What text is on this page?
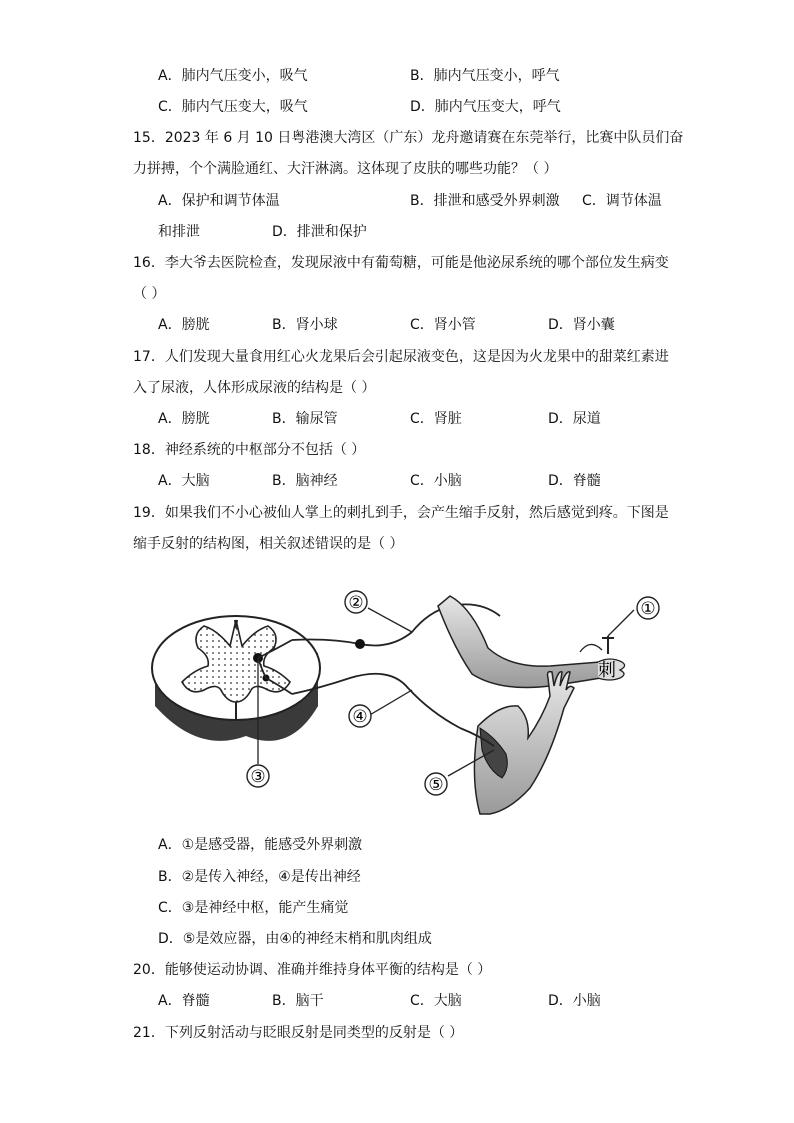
A．肺内气压变小，吸气	B．肺内气压变小，呼气
C．肺内气压变大，吸气	D．肺内气压变大，呼气
15．2023 年 6 月 10 日粤港澳大湾区（广东）龙舟邀请赛在东莞举行，比赛中队员们奋
力拼搏，个个满脸通红、大汗淋漓。这体现了皮肤的哪些功能？（ ）
A．保护和调节体温	B．排泄和感受外界刺激 C．调节体温
和排泄	D．排泄和保护
16．李大爷去医院检查，发现尿液中有葡萄糖，可能是他泌尿系统的哪个部位发生病变
（ ）
A．膀胱	B．肾小球	C．肾小管	D．肾小囊
17．人们发现大量食用红心火龙果后会引起尿液变色，这是因为火龙果中的甜菜红素进
入了尿液，人体形成尿液的结构是（ ）
A．膀胱	B．输尿管	C．肾脏	D．尿道
18．神经系统的中枢部分不包括（ ）
A．大脑	B．脑神经	C．小脑	D．脊髓
19．如果我们不小心被仙人掌上的刺扎到手，会产生缩手反射，然后感觉到疼。下图是
缩手反射的结构图，相关叙述错误的是（ ）
刺
②	①
④
③	⑤
A．①是感受器，能感受外界刺激
B．②是传入神经，④是传出神经
C．③是神经中枢，能产生痛觉
D．⑤是效应器，由④的神经末梢和肌肉组成
20．能够使运动协调、准确并维持身体平衡的结构是（ ）
A．脊髓	B．脑干	C．大脑	D．小脑
21．下列反射活动与眨眼反射是同类型的反射是（ ）
